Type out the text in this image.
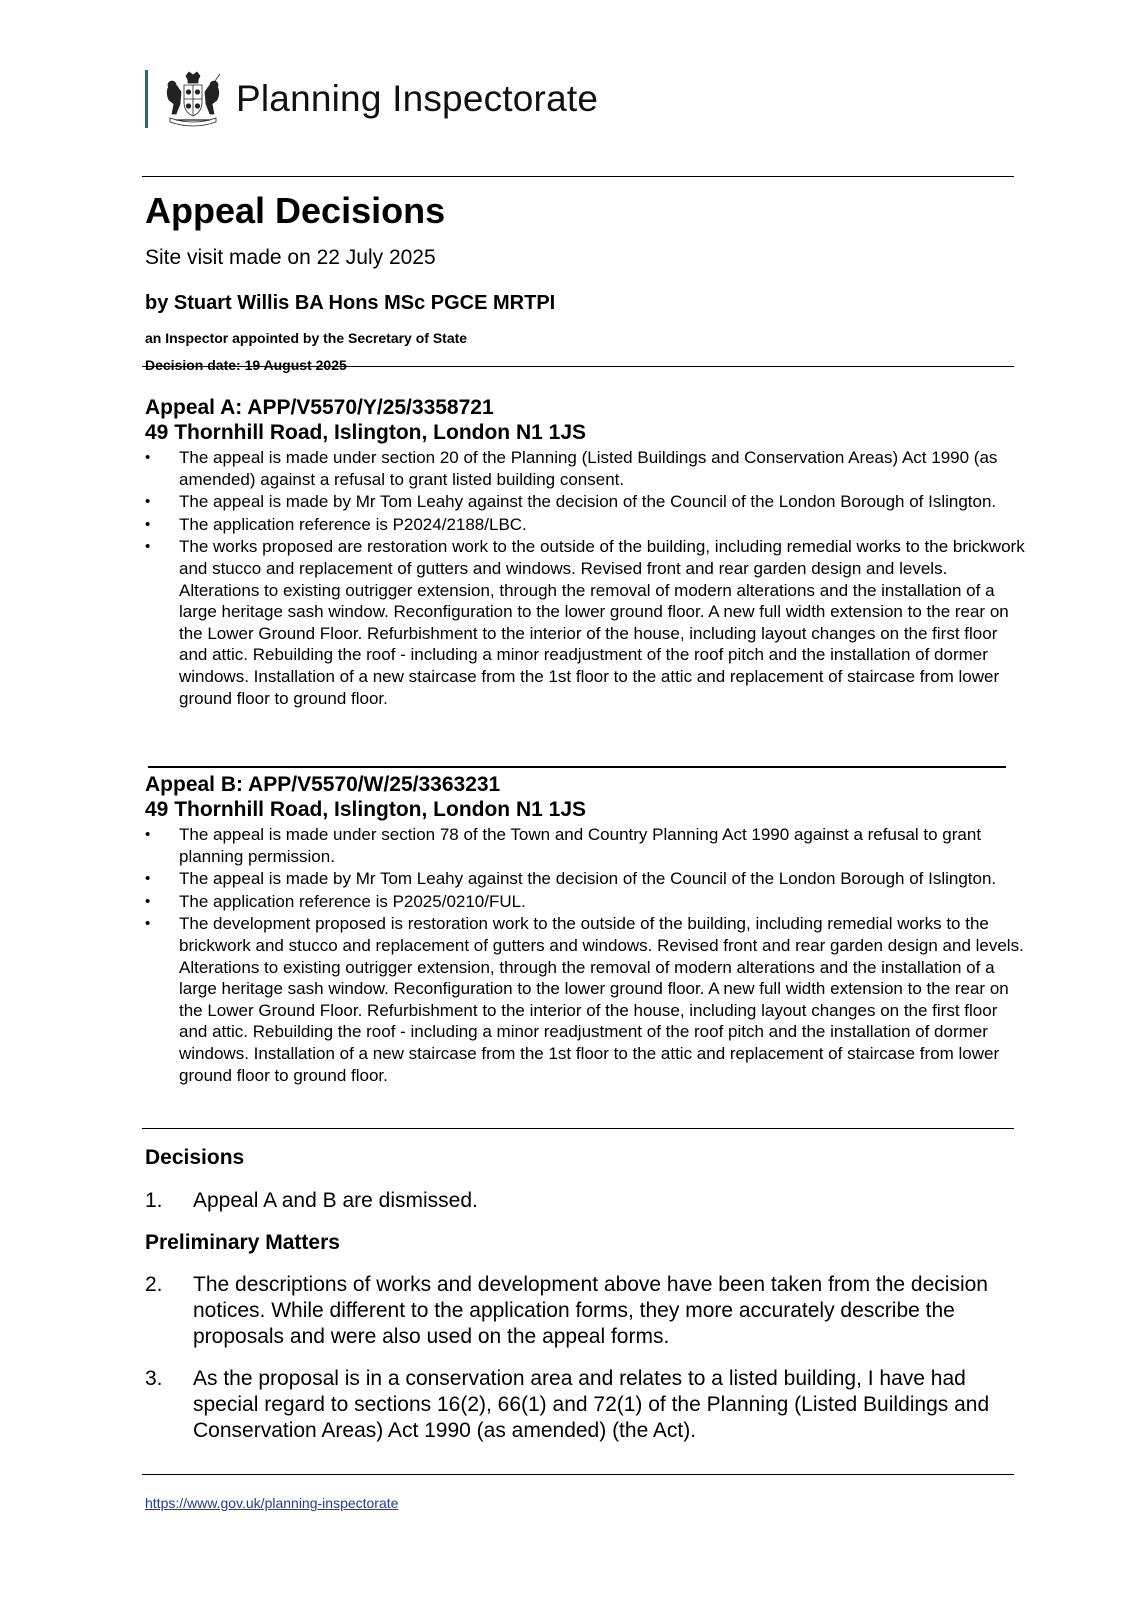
Planning Inspectorate
Appeal Decisions
Site visit made on 22 July 2025
by Stuart Willis BA Hons MSc PGCE MRTPI
an Inspector appointed by the Secretary of State
Decision date: 19 August 2025
Appeal A: APP/V5570/Y/25/3358721
49 Thornhill Road, Islington, London N1 1JS
• The appeal is made under section 20 of the Planning (Listed Buildings and Conservation Areas) Act 1990 (as amended) against a refusal to grant listed building consent.
• The appeal is made by Mr Tom Leahy against the decision of the Council of the London Borough of Islington.
• The application reference is P2024/2188/LBC.
• The works proposed are restoration work to the outside of the building, including remedial works to the brickwork and stucco and replacement of gutters and windows. Revised front and rear garden design and levels. Alterations to existing outrigger extension, through the removal of modern alterations and the installation of a large heritage sash window. Reconfiguration to the lower ground floor. A new full width extension to the rear on the Lower Ground Floor. Refurbishment to the interior of the house, including layout changes on the first floor and attic. Rebuilding the roof - including a minor readjustment of the roof pitch and the installation of dormer windows. Installation of a new staircase from the 1st floor to the attic and replacement of staircase from lower ground floor to ground floor.
Appeal B: APP/V5570/W/25/3363231
49 Thornhill Road, Islington, London N1 1JS
• The appeal is made under section 78 of the Town and Country Planning Act 1990 against a refusal to grant planning permission.
• The appeal is made by Mr Tom Leahy against the decision of the Council of the London Borough of Islington.
• The application reference is P2025/0210/FUL.
• The development proposed is restoration work to the outside of the building, including remedial works to the brickwork and stucco and replacement of gutters and windows. Revised front and rear garden design and levels. Alterations to existing outrigger extension, through the removal of modern alterations and the installation of a large heritage sash window. Reconfiguration to the lower ground floor. A new full width extension to the rear on the Lower Ground Floor. Refurbishment to the interior of the house, including layout changes on the first floor and attic. Rebuilding the roof - including a minor readjustment of the roof pitch and the installation of dormer windows. Installation of a new staircase from the 1st floor to the attic and replacement of staircase from lower ground floor to ground floor.
Decisions
1.	Appeal A and B are dismissed.
Preliminary Matters
2.	The descriptions of works and development above have been taken from the decision notices. While different to the application forms, they more accurately describe the proposals and were also used on the appeal forms.
3.	As the proposal is in a conservation area and relates to a listed building, I have had special regard to sections 16(2), 66(1) and 72(1) of the Planning (Listed Buildings and Conservation Areas) Act 1990 (as amended) (the Act).
https://www.gov.uk/planning-inspectorate
